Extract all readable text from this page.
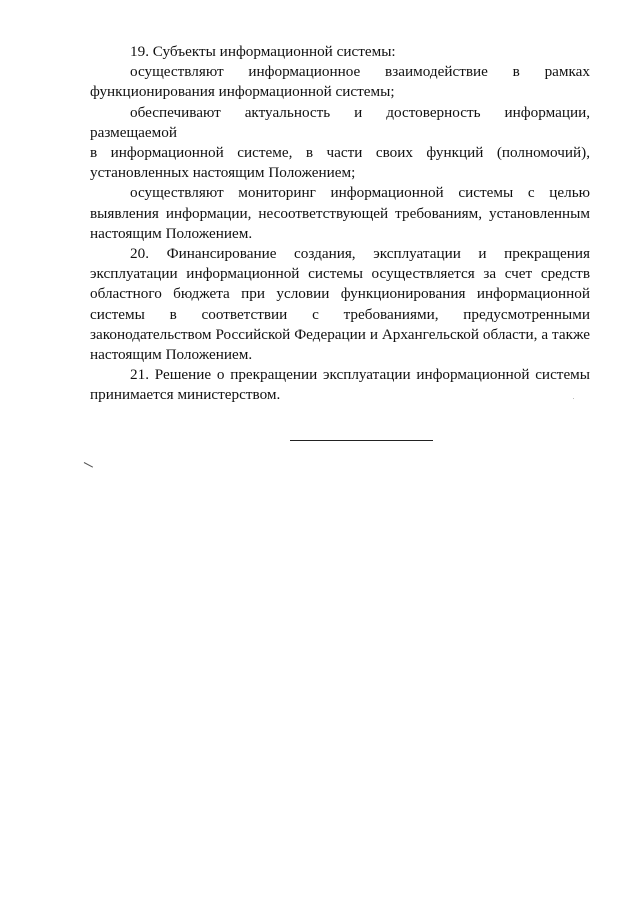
19. Субъекты информационной системы:

осуществляют информационное взаимодействие в рамках
функционирования информационной системы;

обеспечивают актуальность и достоверность информации,
размещаемой
в информационной системе, в части своих функций (полномочий),
установленных настоящим Положением;

осуществляют мониторинг информационной системы с целью
выявления информации, несоответствующей требованиям, установленным
настоящим Положением.

20. Финансирование создания, эксплуатации и прекращения
эксплуатации информационной системы осуществляется за счет средств
областного бюджета при условии функционирования информационной
системы в соответствии с требованиями, предусмотренными
законодательством Российской Федерации и Архангельской области, а также
настоящим Положением.

21. Решение о прекращении эксплуатации информационной системы
принимается министерством.
